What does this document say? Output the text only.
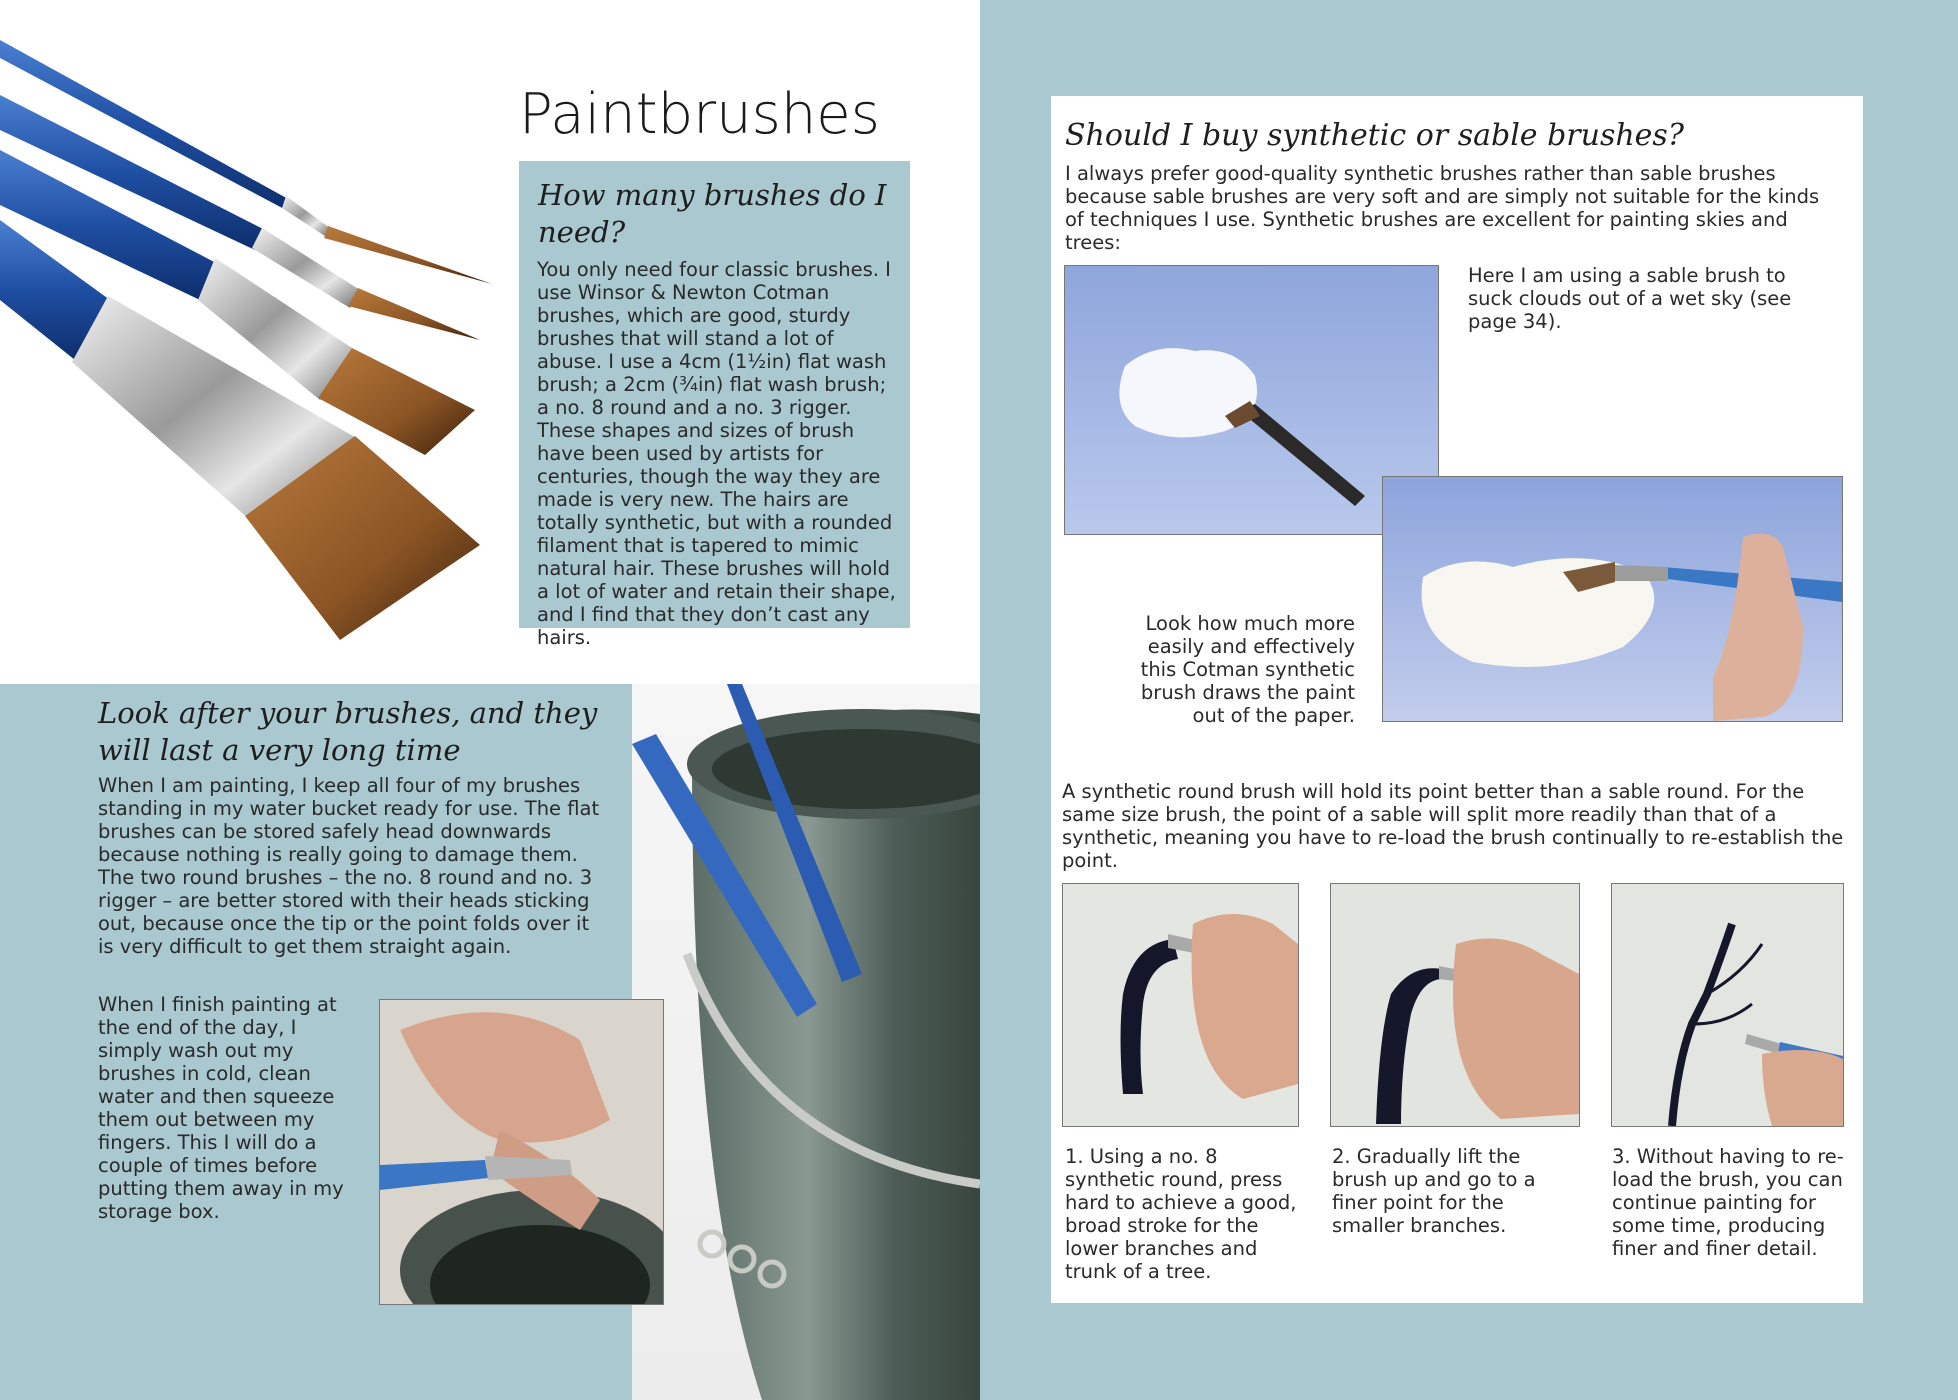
Paintbrushes
How many brushes do I need?

You only need four classic brushes. I use Winsor & Newton Cotman brushes, which are good, sturdy brushes that will stand a lot of abuse. I use a 4cm (1½in) flat wash brush; a 2cm (¾in) flat wash brush; a no. 8 round and a no. 3 rigger. These shapes and sizes of brush have been used by artists for centuries, though the way they are made is very new. The hairs are totally synthetic, but with a rounded filament that is tapered to mimic natural hair. These brushes will hold a lot of water and retain their shape, and I find that they don’t cast any hairs.

Look after your brushes, and they will last a very long time

When I am painting, I keep all four of my brushes standing in my water bucket ready for use. The flat brushes can be stored safely head downwards because nothing is really going to damage them. The two round brushes – the no. 8 round and no. 3 rigger – are better stored with their heads sticking out, because once the tip or the point folds over it is very difficult to get them straight again.

When I finish painting at the end of the day, I simply wash out my brushes in cold, clean water and then squeeze them out between my fingers. This I will do a couple of times before putting them away in my storage box.

Should I buy synthetic or sable brushes?

I always prefer good-quality synthetic brushes rather than sable brushes because sable brushes are very soft and are simply not suitable for the kinds of techniques I use. Synthetic brushes are excellent for painting skies and trees:

Here I am using a sable brush to suck clouds out of a wet sky (see page 34).

Look how much more easily and effectively this Cotman synthetic brush draws the paint out of the paper.

A synthetic round brush will hold its point better than a sable round. For the same size brush, the point of a sable will split more readily than that of a synthetic, meaning you have to re-load the brush continually to re-establish the point.

1. Using a no. 8 synthetic round, press hard to achieve a good, broad stroke for the lower branches and trunk of a tree.

2. Gradually lift the brush up and go to a finer point for the smaller branches.

3. Without having to re-load the brush, you can continue painting for some time, producing finer and finer detail.
